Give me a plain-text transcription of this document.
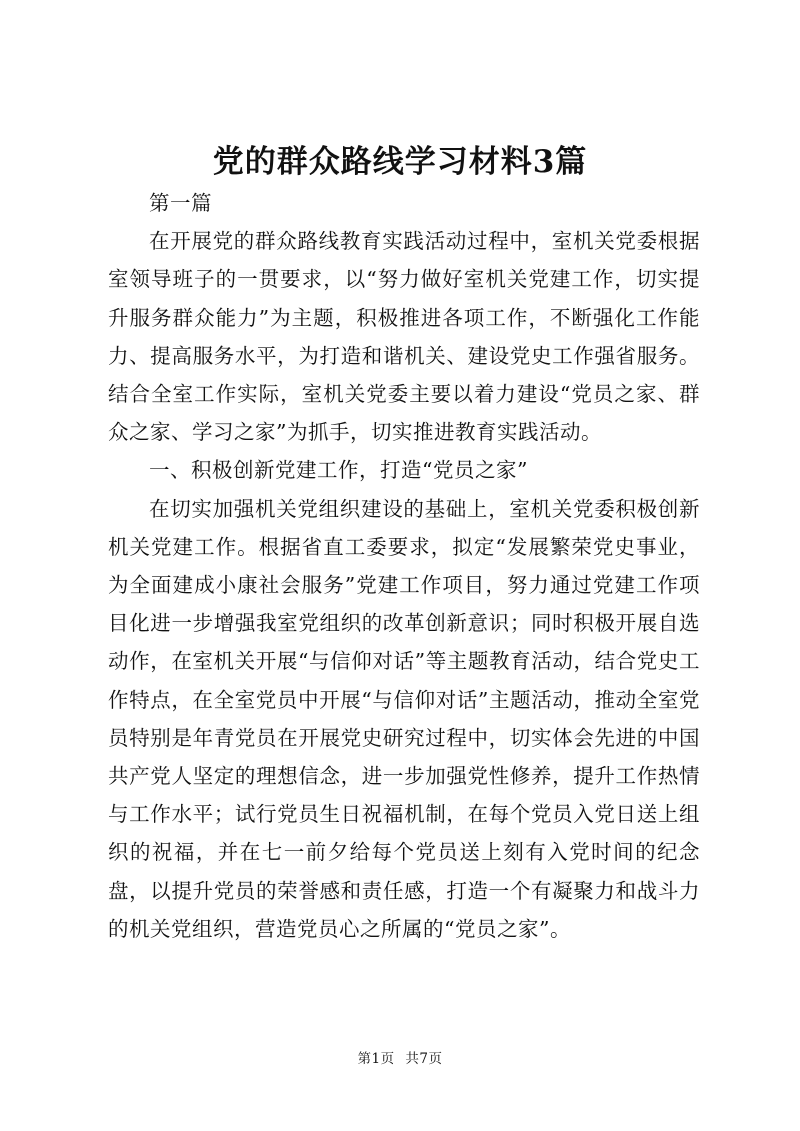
党的群众路线学习材料3篇

第一篇

在开展党的群众路线教育实践活动过程中，室机关党委根据室领导班子的一贯要求，以“努力做好室机关党建工作，切实提升服务群众能力”为主题，积极推进各项工作，不断强化工作能力、提高服务水平，为打造和谐机关、建设党史工作强省服务。结合全室工作实际，室机关党委主要以着力建设“党员之家、群众之家、学习之家”为抓手，切实推进教育实践活动。

一、积极创新党建工作，打造“党员之家”

在切实加强机关党组织建设的基础上，室机关党委积极创新机关党建工作。根据省直工委要求，拟定“发展繁荣党史事业，为全面建成小康社会服务”党建工作项目，努力通过党建工作项目化进一步增强我室党组织的改革创新意识；同时积极开展自选动作，在室机关开展“与信仰对话”等主题教育活动，结合党史工作特点，在全室党员中开展“与信仰对话”主题活动，推动全室党员特别是年青党员在开展党史研究过程中，切实体会先进的中国共产党人坚定的理想信念，进一步加强党性修养，提升工作热情与工作水平；试行党员生日祝福机制，在每个党员入党日送上组织的祝福，并在七一前夕给每个党员送上刻有入党时间的纪念盘，以提升党员的荣誉感和责任感，打造一个有凝聚力和战斗力的机关党组织，营造党员心之所属的“党员之家”。

第1页 共7页
